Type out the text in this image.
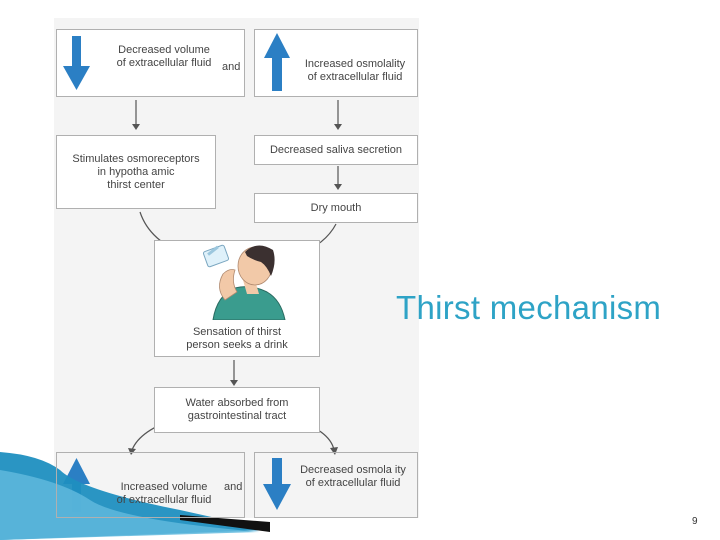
Decreased volume
of extracellular fluid and	Increased osmolality
of extracellular fluid
Stimulates osmoreceptors
in hypotha amic
thirst center
Decreased saliva secretion
Dry mouth
Sensation of thirst
person seeks a drink
Water absorbed from
gastrointestinal tract
Increased volume
of extracellular fluid
and
Decreased osmola ity
of extracellular fluid
Thirst mechanism
9
